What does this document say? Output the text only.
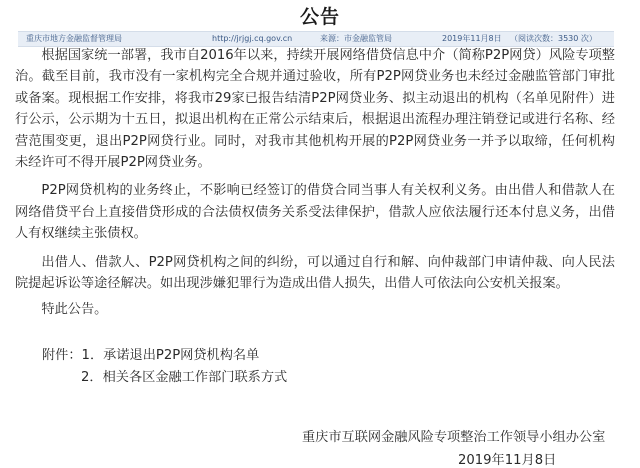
公告
重庆市地方金融监督管理局	http://jrjgj.cq.gov.cn	来源：市金融监管局	2019年11月8日 （阅读次数：3530 次）

根据国家统一部署，我市自2016年以来，持续开展网络借贷信息中介（简称P2P网贷）风险专项整治。截至目前，我市没有一家机构完全合规并通过验收，所有P2P网贷业务也未经过金融监管部门审批或备案。现根据工作安排，将我市29家已报告结清P2P网贷业务、拟主动退出的机构（名单见附件）进行公示，公示期为十五日，拟退出机构在正常公示结束后，根据退出流程办理注销登记或进行名称、经营范围变更，退出P2P网贷行业。同时，对我市其他机构开展的P2P网贷业务一并予以取缔，任何机构未经许可不得开展P2P网贷业务。

P2P网贷机构的业务终止，不影响已经签订的借贷合同当事人有关权利义务。由出借人和借款人在网络借贷平台上直接借贷形成的合法债权债务关系受法律保护，借款人应依法履行还本付息义务，出借人有权继续主张债权。

出借人、借款人、P2P网贷机构之间的纠纷，可以通过自行和解、向仲裁部门申请仲裁、向人民法院提起诉讼等途径解决。如出现涉嫌犯罪行为造成出借人损失，出借人可依法向公安机关报案。

特此公告。

附件：1．承诺退出P2P网贷机构名单
2．相关各区金融工作部门联系方式
重庆市互联网金融风险专项整治工作领导小组办公室
2019年11月8日
